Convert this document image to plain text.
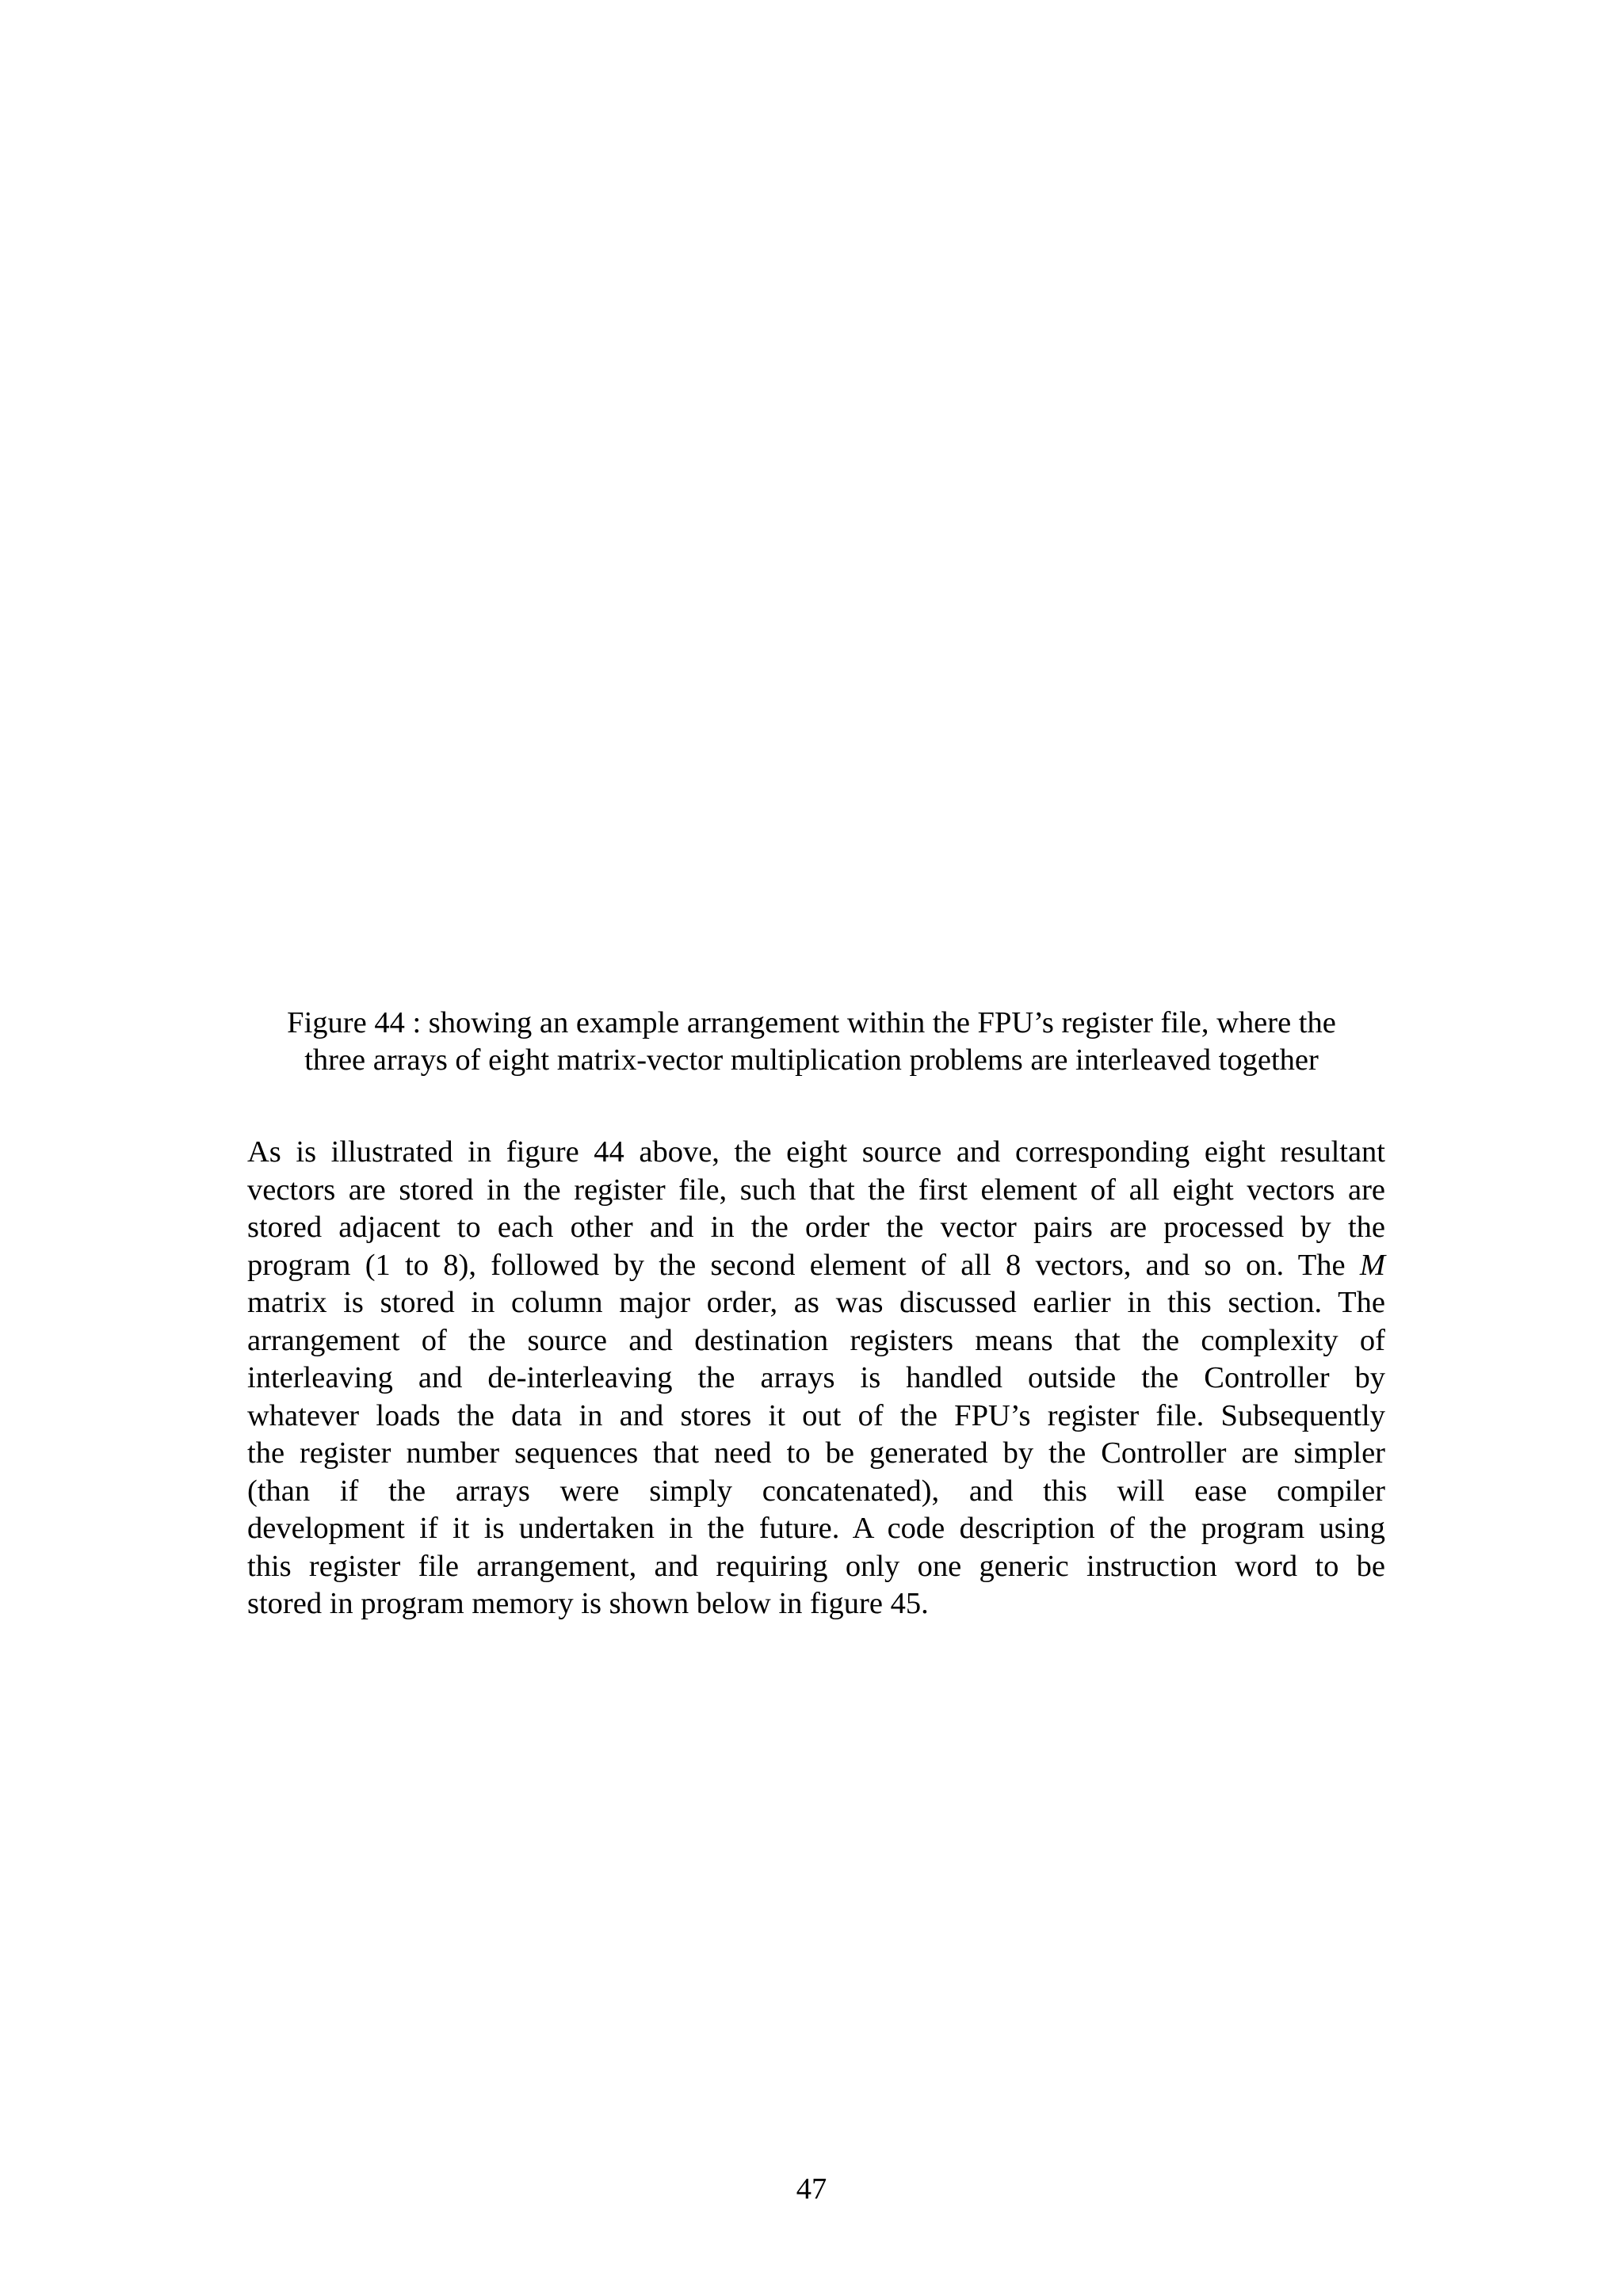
Figure 44 : showing an example arrangement within the FPU’s register file, where the
three arrays of eight matrix-vector multiplication problems are interleaved together

As is illustrated in figure 44 above, the eight source and corresponding eight resultant
vectors are stored in the register file, such that the first element of all eight vectors are
stored adjacent to each other and in the order the vector pairs are processed by the
program (1 to 8), followed by the second element of all 8 vectors, and so on. The M
matrix is stored in column major order, as was discussed earlier in this section. The
arrangement of the source and destination registers means that the complexity of
interleaving and de-interleaving the arrays is handled outside the Controller by
whatever loads the data in and stores it out of the FPU’s register file. Subsequently
the register number sequences that need to be generated by the Controller are simpler
(than if the arrays were simply concatenated), and this will ease compiler
development if it is undertaken in the future. A code description of the program using
this register file arrangement, and requiring only one generic instruction word to be
stored in program memory is shown below in figure 45.

47
